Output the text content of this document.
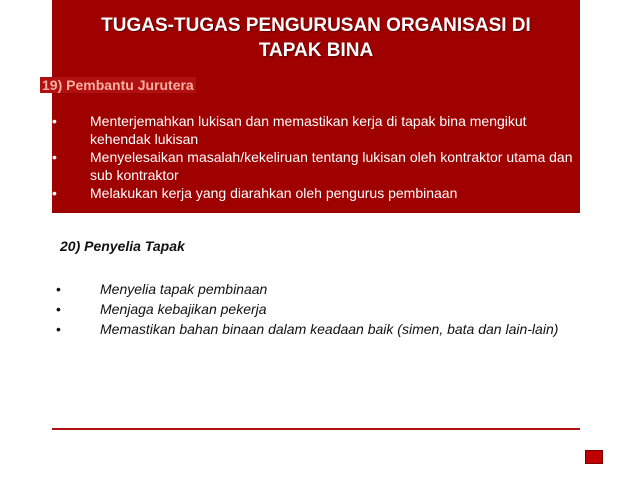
TUGAS-TUGAS PENGURUSAN ORGANISASI DI
TAPAK BINA
19) Pembantu Jurutera
• Menterjemahkan lukisan dan memastikan kerja di tapak bina mengikut kehendak lukisan
• Menyelesaikan masalah/kekeliruan tentang lukisan oleh kontraktor utama dan sub kontraktor
• Melakukan kerja yang diarahkan oleh pengurus pembinaan
20) Penyelia Tapak
•	Menyelia tapak pembinaan
•	Menjaga kebajikan pekerja
•	Memastikan bahan binaan dalam keadaan baik (simen, bata dan lain-lain)
